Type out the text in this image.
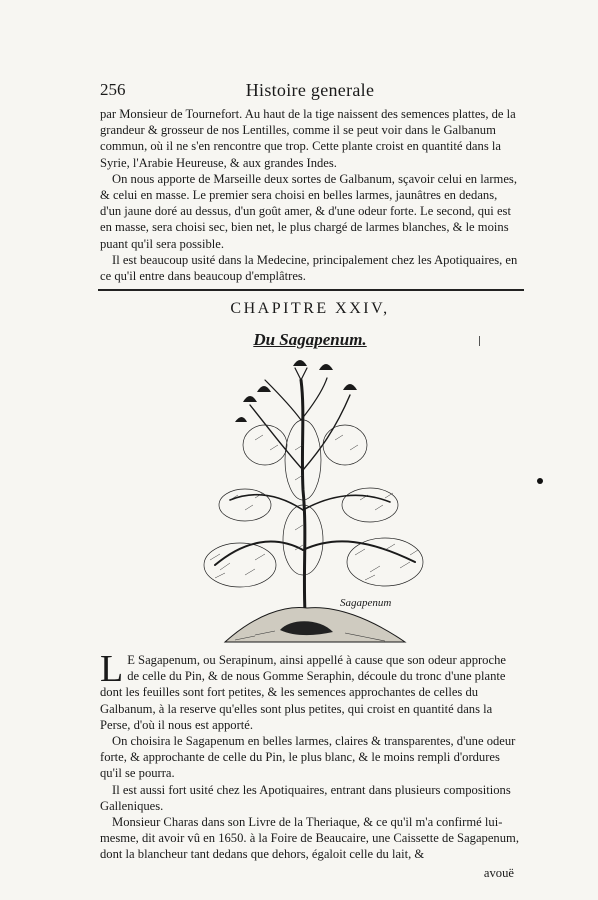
256	Histoire generale

par Monsieur de Tournefort. Au haut de la tige naissent des semences plattes, de la grandeur & grosseur de nos Lentilles, comme il se peut voir dans le Galbanum commun, où il ne s'en rencontre que trop. Cette plante croist en quantité dans la Syrie, l'Arabie Heureuse, & aux grandes Indes.

On nous apporte de Marseille deux sortes de Galbanum, sçavoir celui en larmes, & celui en masse. Le premier sera choisi en belles larmes, jaunâtres en dedans, d'un jaune doré au dessus, d'un goût amer, & d'une odeur forte. Le second, qui est en masse, sera choisi sec, bien net, le plus chargé de larmes blanches, & le moins puant qu'il sera possible.

Il est beaucoup usité dans la Medecine, principalement chez les Apotiquaires, en ce qu'il entre dans beaucoup d'emplâtres.

CHAPITRE XXIV,
Du Sagapenum.
Sagapenum

L E Sagapenum, ou Serapinum, ainsi appellé à cause que son odeur approche de celle du Pin, & de nous Gomme Seraphin, découle du tronc d'une plante dont les feuilles sont fort petites, & les semences approchantes de celles du Galbanum, à la reserve qu'elles sont plus petites, qui croist en quantité dans la Perse, d'où il nous est apporté.

On choisira le Sagapenum en belles larmes, claires & transparentes, d'une odeur forte, & approchante de celle du Pin, le plus blanc, & le moins rempli d'ordures qu'il se pourra.

Il est aussi fort usité chez les Apotiquaires, entrant dans plusieurs compositions Galleniques.

Monsieur Charas dans son Livre de la Theriaque, & ce qu'il m'a confirmé lui-mesme, dit avoir vû en 1650. à la Foire de Beaucaire, une Caissette de Sagapenum, dont la blancheur tant dedans que dehors, égaloit celle du lait, &

avouë
